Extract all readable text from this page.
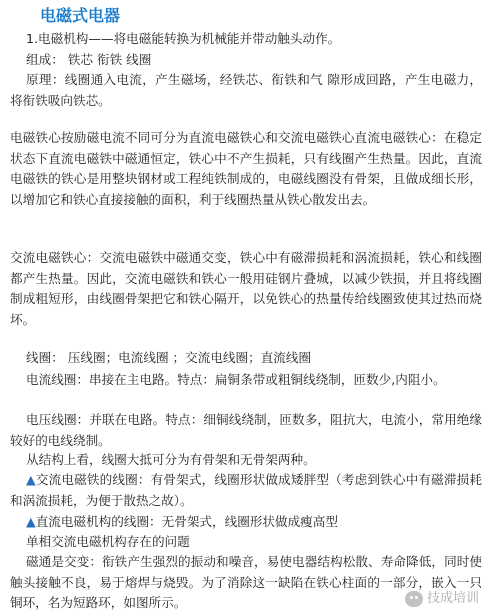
电磁式电器

1.电磁机构——将电磁能转换为机械能并带动触头动作。

组成： 铁芯 衔铁 线圈

原理：线圈通入电流，产生磁场，经铁芯、衔铁和气 隙形成回路，产生电磁力，将衔铁吸向铁芯。

电磁铁心按励磁电流不同可分为直流电磁铁心和交流电磁铁心直流电磁铁心：在稳定状态下直流电磁铁中磁通恒定，铁心中不产生损耗，只有线圈产生热量。因此，直流电磁铁的铁心是用整块钢材或工程纯铁制成的，电磁线圈没有骨架，且做成细长形，以增加它和铁心直接接触的面积，利于线圈热量从铁心散发出去。

交流电磁铁心：交流电磁铁中磁通交变，铁心中有磁滞损耗和涡流损耗，铁心和线圈都产生热量。因此，交流电磁铁和铁心一般用硅钢片叠城，以减少铁损，并且将线圈制成粗短形，由线圈骨架把它和铁心隔开，以免铁心的热量传给线圈致使其过热而烧坏。

线圈： 压线圈；电流线圈 ；交流电线圈；直流线圈

电流线圈：串接在主电路。特点：扁铜条带或粗铜线绕制，匝数少,内阻小。

电压线圈：并联在电路。特点：细铜线绕制，匝数多，阻抗大，电流小，常用绝缘较好的电线绕制。

从结构上看，线圈大抵可分为有骨架和无骨架两种。

▲交流电磁铁的线圈：有骨架式，线圈形状做成矮胖型（考虑到铁心中有磁滞损耗和涡流损耗，为便于散热之故）。

▲直流电磁机构的线圈：无骨架式，线圈形状做成瘦高型

单相交流电磁机构存在的问题

磁通是交变：衔铁产生强烈的振动和噪音，易使电器结构松散、寿命降低，同时使触头接触不良，易于熔焊与烧毁。为了消除这一缺陷在铁心柱面的一部分，嵌入一只铜环，名为短路环，如图所示。	技成培训
